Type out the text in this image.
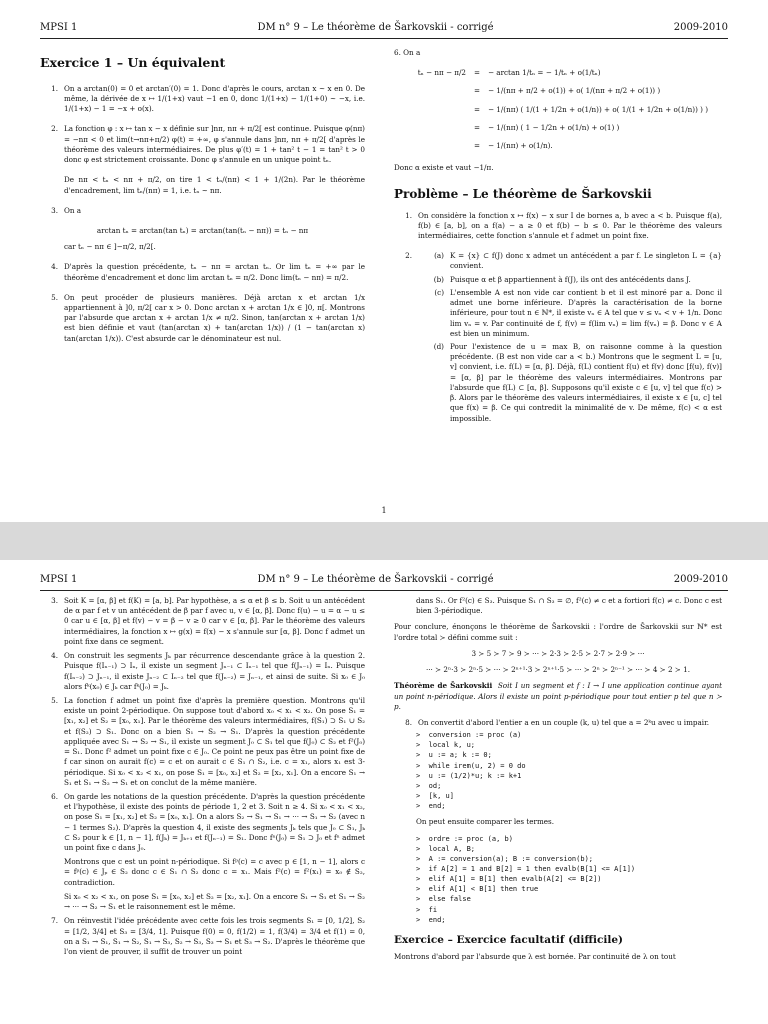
MPSI 1	DM n° 9 – Le théorème de Šarkovskii - corrigé	2009-2010
Exercice 1 – Un équivalent
1. On a arctan(0) = 0 et arctan′(0) = 1. Donc d'après le cours, arctan x ~ x en 0. De même, la dérivée de x ↦ 1/(1+x) vaut −1 en 0, donc 1/(1+x) − 1/(1+0) ~ −x, i.e. 1/(1+x) − 1 = −x + o(x).
2. La fonction φ : x ↦ tan x − x définie sur ]nπ, nπ + π/2[ est continue. Puisque φ(nπ) = −nπ < 0 et lim(t→nπ+π/2) φ(t) = +∞, φ s'annule dans ]nπ, nπ + π/2[ d'après le théorème des valeurs intermédiaires. De plus φ′(t) = 1 + tan² t − 1 = tan² t > 0 donc φ est strictement croissante. Donc φ s'annule en un unique point tₙ.
De nπ < tₙ < nπ + π/2, on tire 1 < tₙ/(nπ) < 1 + 1/(2n). Par le théorème d'encadrement, lim tₙ/(nπ) = 1, i.e. tₙ ~ nπ.
3. On a
arctan tₙ = arctan(tan tₙ) = arctan(tan(tₙ − nπ)) = tₙ − nπ
car tₙ − nπ ∈ ]−π/2, π/2[.
4. D'après la question précédente, tₙ − nπ = arctan tₙ. Or lim tₙ = +∞ par le théorème d'encadrement et donc lim arctan tₙ = π/2. Donc lim(tₙ − nπ) = π/2.
5. On peut procéder de plusieurs manières. Déjà arctan x et arctan 1/x appartiennent à ]0, π/2[ car x > 0. Donc arctan x + arctan 1/x ∈ ]0, π[. Montrons par l'absurde que arctan x + arctan 1/x ≠ π/2. Sinon, tan(arctan x + arctan 1/x) est bien définie et vaut (tan(arctan x) + tan(arctan 1/x)) / (1 − tan(arctan x) tan(arctan 1/x)). C'est absurde car le dénominateur est nul.
6. On a
tₙ − nπ − π/2	=	− arctan 1/tₙ = − 1/tₙ + o(1/tₙ)
	=	− 1/(nπ + π/2 + o(1)) + o( 1/(nπ + π/2 + o(1)) )
	=	− 1/(nπ) ( 1/(1 + 1/2n + o(1/n)) + o( 1/(1 + 1/2n + o(1/n)) ) )
	=	− 1/(nπ) ( 1 − 1/2n + o(1/n) + o(1) )
	=	− 1/(nπ) + o(1/n).
Donc α existe et vaut −1/π.
Problème – Le théorème de Šarkovskii
1. On considère la fonction x ↦ f(x) − x sur I de bornes a, b avec a < b. Puisque f(a), f(b) ∈ [a, b], on a f(a) − a ≥ 0 et f(b) − b ≤ 0. Par le théorème des valeurs intermédiaires, cette fonction s'annule et f admet un point fixe.
2.	(a) K = {x} ⊂ f(J) donc x admet un antécédent a par f. Le singleton L = {a} convient.
(b) Puisque α et β appartiennent à f(J), ils ont des antécédents dans J.
(c) L'ensemble A est non vide car contient b et il est minoré par a. Donc il admet une borne inférieure. D'après la caractérisation de la borne inférieure, pour tout n ∈ ℕ*, il existe vₙ ∈ A tel que v ≤ vₙ < v + 1/n. Donc lim vₙ = v. Par continuité de f, f(v) = f(lim vₙ) = lim f(vₙ) = β. Donc v ∈ A est bien un minimum.
(d) Pour l'existence de u = max B, on raisonne comme à la question précédente. (B est non vide car a < b.) Montrons que le segment L = [u, v] convient, i.e. f(L) = [α, β]. Déjà, f(L) contient f(u) et f(v) donc [f(u), f(v)] = [α, β] par le théorème des valeurs intermédiaires. Montrons par l'absurde que f(L) ⊂ [α, β]. Supposons qu'il existe c ∈ [u, v] tel que f(c) > β. Alors par le théorème des valeurs intermédiaires, il existe x ∈ [u, c] tel que f(x) = β. Ce qui contredit la minimalité de v. De même, f(c) < α est impossible.
1
MPSI 1	DM n° 9 – Le théorème de Šarkovskii - corrigé	2009-2010
3. Soit K = [α, β] et f(K) = [a, b]. Par hypothèse, a ≤ α et β ≤ b. Soit u un antécédent de α par f et v un antécédent de β par f avec u, v ∈ [α, β]. Donc f(u) − u = α − u ≤ 0 car u ∈ [α, β] et f(v) − v = β − v ≥ 0 car v ∈ [α, β]. Par le théorème des valeurs intermédiaires, la fonction x ↦ g(x) = f(x) − x s'annule sur [α, β]. Donc f admet un point fixe dans ce segment.
4. On construit les segments Jₖ par récurrence descendante grâce à la question 2. Puisque f(Iₙ₋₁) ⊃ Iₙ, il existe un segment Jₙ₋₁ ⊂ Iₙ₋₁ tel que f(Jₙ₋₁) = Iₙ. Puisque f(Iₙ₋₂) ⊃ Jₙ₋₁, il existe Jₙ₋₂ ⊂ Iₙ₋₂ tel que f(Jₙ₋₂) = Jₙ₋₁, et ainsi de suite. Si x₀ ∈ J₀ alors fᵏ(x₀) ∈ Jₖ car fᵏ(J₀) = Jₖ.
5. La fonction f admet un point fixe d'après la première question. Montrons qu'il existe un point 2-périodique. On suppose tout d'abord x₀ < x₁ < x₂. On pose S₁ = [x₁, x₂] et S₂ = [x₀, x₁]. Par le théorème des valeurs intermédiaires, f(S₁) ⊃ S₁ ∪ S₂ et f(S₂) ⊃ S₁. Donc on a bien S₁ → S₂ → S₁. D'après la question précédente appliquée avec S₁ → S₂ → S₁, il existe un segment J₀ ⊂ S₁ tel que f(J₀) ⊂ S₂ et f²(J₀) = S₁. Donc f² admet un point fixe c ∈ J₀. Ce point ne peux pas être un point fixe de f car sinon on aurait f(c) = c et on aurait c ∈ S₁ ∩ S₂, i.e. c = x₁, alors x₁ est 3-périodique. Si x₀ < x₂ < x₁, on pose S₁ = [x₀, x₂] et S₂ = [x₂, x₁]. On a encore S₁ → S₁ et S₁ → S₂ → S₁ et on conclut de la même manière.
6. On garde les notations de la question précédente. D'après la question précédente et l'hypothèse, il existe des points de période 1, 2 et 3. Soit n ≥ 4. Si x₀ < x₁ < x₂, on pose S₁ = [x₁, x₂] et S₂ = [x₀, x₁]. On a alors S₂ → S₁ → S₁ → ··· → S₁ → S₂ (avec n − 1 termes S₂). D'après la question 4, il existe des segments Jₖ tels que J₀ ⊂ S₁, Jₖ ⊂ S₂ pour k ∈ [1, n − 1], f(Jₖ) = Jₖ₊₁ et f(Jₙ₋₁) = S₁. Donc fⁿ(J₀) = S₁ ⊃ J₀ et fⁿ admet un point fixe c dans J₀.
Montrons que c est un point n-périodique. Si fᵖ(c) = c avec p ∈ [1, n − 1], alors c = fᵖ(c) ∈ Jₚ ∈ S₂ donc c ∈ S₁ ∩ S₂ donc c = x₁. Mais f²(c) = f²(x₁) = x₀ ∉ S₂, contradiction.
Si x₀ < x₂ < x₁, on pose S₁ = [x₀, x₂] et S₂ = [x₂, x₁]. On a encore S₁ → S₁ et S₁ → S₂ → ··· → S₂ → S₁ et le raisonnement est le même.
7. On réinvestit l'idée précédente avec cette fois les trois segments S₁ = [0, 1/2], S₂ = [1/2, 3/4] et S₃ = [3/4, 1]. Puisque f(0) = 0, f(1/2) = 1, f(3/4) = 3/4 et f(1) = 0, on a S₁ → S₁, S₁ → S₂, S₁ → S₃, S₂ → S₃, S₃ → S₁ et S₃ → S₂. D'après le théorème que l'on vient de prouver, il suffit de trouver un point
dans S₁. Or f²(c) ∈ S₃. Puisque S₁ ∩ S₃ = ∅, f²(c) ≠ c et a fortiori f(c) ≠ c. Donc c est bien 3-périodique.
Pour conclure, énonçons le théorème de Šarkovskii : l'ordre de Šarkovskii sur ℕ* est l'ordre total ≻ défini comme suit :
3 ≻ 5 ≻ 7 ≻ 9 ≻ ··· ≻ 2·3 ≻ 2·5 ≻ 2·7 ≻ 2·9 ≻ ···
··· ≻ 2ⁿ·3 ≻ 2ⁿ·5 ≻ ··· ≻ 2ⁿ⁺¹·3 ≻ 2ⁿ⁺¹·5 ≻ ··· ≻ 2ⁿ ≻ 2ⁿ⁻¹ ≻ ··· ≻ 4 ≻ 2 ≻ 1.
Théorème de Šarkovskii Soit I un segment et f : I → I une application continue ayant un point n-périodique. Alors il existe un point p-périodique pour tout entier p tel que n ≻ p.
8. On convertit d'abord l'entier a en un couple (k, u) tel que a = 2ᵏu avec u impair.
>  conversion := proc (a)
>  local k, u;
>  u := a; k := 0;
>  while irem(u, 2) = 0 do
>  u := (1/2)*u; k := k+1
>  od;
>  [k, u]
>  end;
On peut ensuite comparer les termes.
>  ordre := proc (a, b)
>  local A, B;
>  A := conversion(a); B := conversion(b);
>  if A[2] = 1 and B[2] = 1 then evalb(B[1] <= A[1])
>  elif A[1] = B[1] then evalb(A[2] <= B[2])
>  elif A[1] < B[1] then true
>  else false
>  fi
>  end;
Exercice – Exercice facultatif (difficile)
Montrons d'abord par l'absurde que λ est bornée. Par continuité de λ on tout
